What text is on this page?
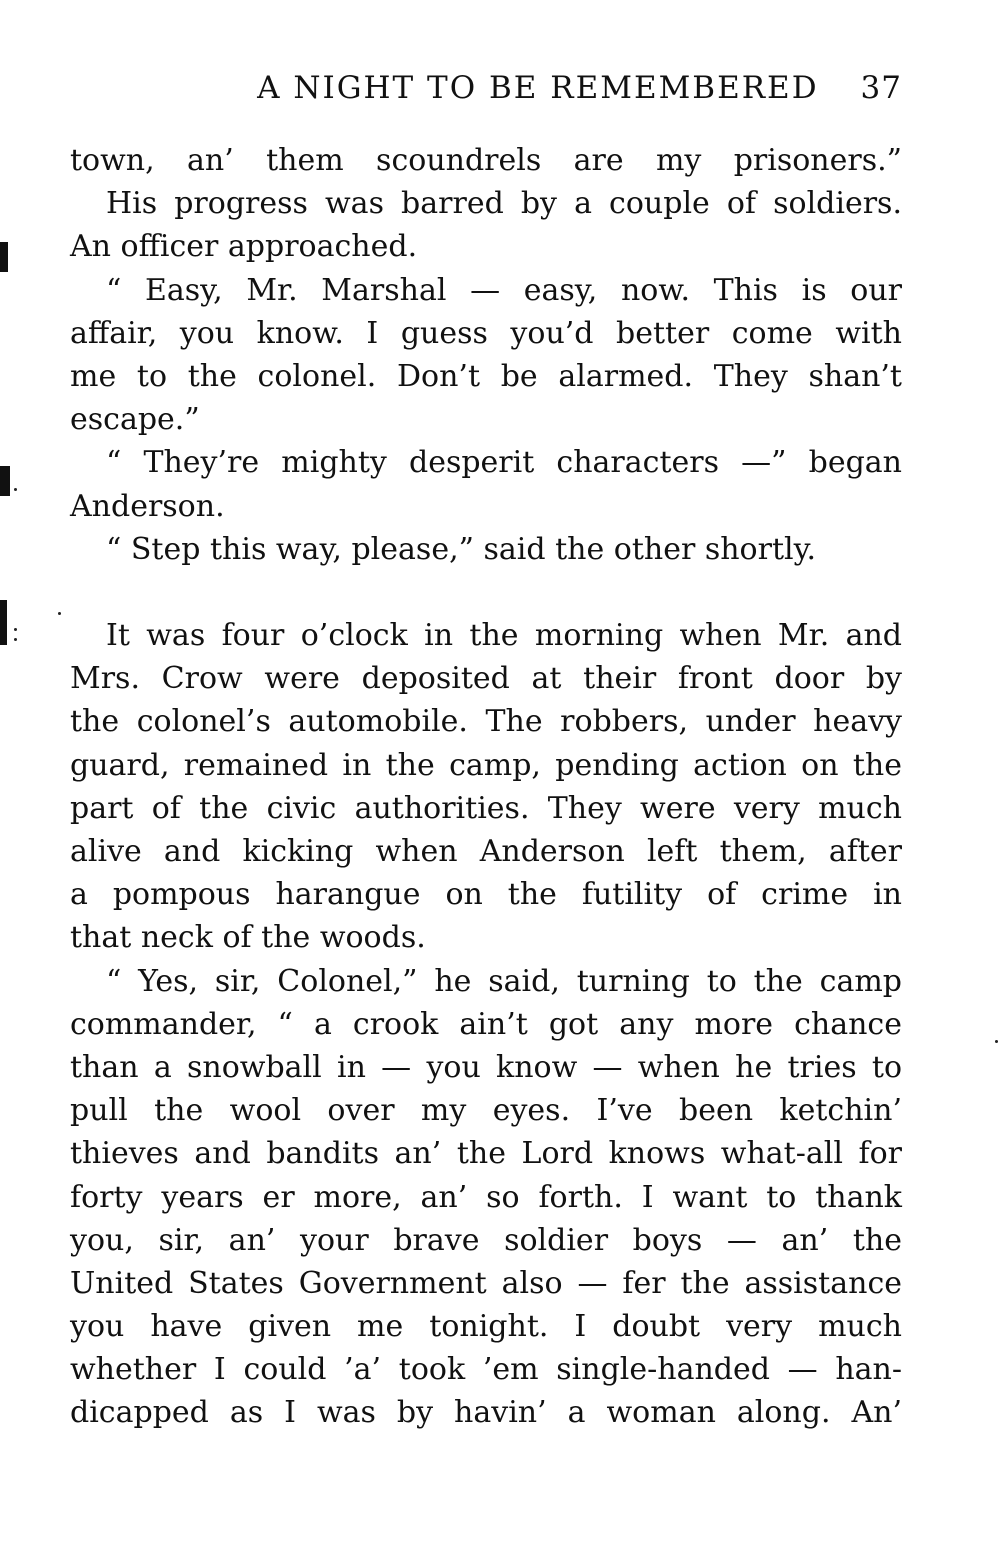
A NIGHT TO BE REMEMBERED 37
town, an’ them scoundrels are my prisoners.”
His progress was barred by a couple of soldiers.
An officer approached.
“ Easy, Mr. Marshal — easy, now. This is our
affair, you know. I guess you’d better come with
me to the colonel. Don’t be alarmed. They shan’t
escape.”
“ They’re mighty desperit characters —” began
Anderson.
“ Step this way, please,” said the other shortly.
It was four o’clock in the morning when Mr. and
Mrs. Crow were deposited at their front door by
the colonel’s automobile. The robbers, under heavy
guard, remained in the camp, pending action on the
part of the civic authorities. They were very much
alive and kicking when Anderson left them, after
a pompous harangue on the futility of crime in
that neck of the woods.
“ Yes, sir, Colonel,” he said, turning to the camp
commander, “ a crook ain’t got any more chance
than a snowball in — you know — when he tries to
pull the wool over my eyes. I’ve been ketchin’
thieves and bandits an’ the Lord knows what-all for
forty years er more, an’ so forth. I want to thank
you, sir, an’ your brave soldier boys — an’ the
United States Government also — fer the assistance
you have given me tonight. I doubt very much
whether I could ’a’ took ’em single-handed — han-
dicapped as I was by havin’ a woman along. An’
